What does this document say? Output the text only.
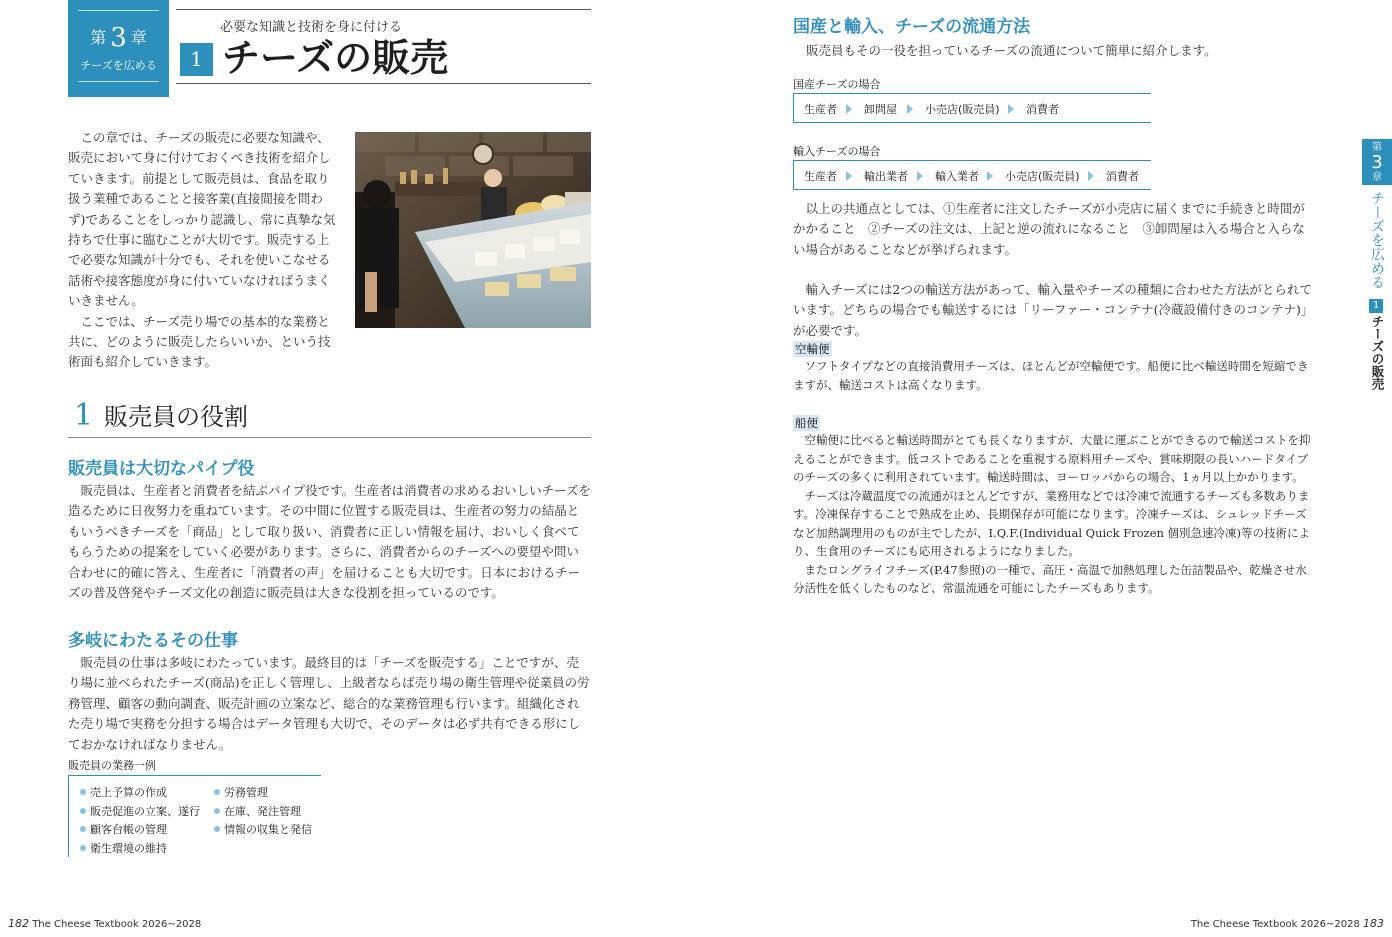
第 3 章
チーズを広める
必要な知識と技術を身に付ける
1 チーズの販売

この章では、チーズの販売に必要な知識や、販売において身に付けておくべき技術を紹介していきます。前提として販売員は、食品を取り扱う業種であることと接客業(直接間接を問わず)であることをしっかり認識し、常に真摯な気持ちで仕事に臨むことが大切です。販売する上で必要な知識が十分でも、それを使いこなせる話術や接客態度が身に付いていなければうまくいきません。

ここでは、チーズ売り場での基本的な業務と共に、どのように販売したらいいか、という技術面も紹介していきます。

1 販売員の役割
販売員は大切なパイプ役
販売員は、生産者と消費者を結ぶパイプ役です。生産者は消費者の求めるおいしいチーズを造るために日夜努力を重ねています。その中間に位置する販売員は、生産者の努力の結晶ともいうべきチーズを「商品」として取り扱い、消費者に正しい情報を届け、おいしく食べてもらうための提案をしていく必要があります。さらに、消費者からのチーズへの要望や問い合わせに的確に答え、生産者に「消費者の声」を届けることも大切です。日本におけるチーズの普及啓発やチーズ文化の創造に販売員は大きな役割を担っているのです。
多岐にわたるその仕事
販売員の仕事は多岐にわたっています。最終目的は「チーズを販売する」ことですが、売り場に並べられたチーズ(商品)を正しく管理し、上級者ならば売り場の衛生管理や従業員の労務管理、顧客の動向調査、販売計画の立案など、総合的な業務管理も行います。組織化された売り場で実務を分担する場合はデータ管理も大切で、そのデータは必ず共有できる形にしておかなければなりません。
販売員の業務一例
売上予算の作成
販売促進の立案、遂行
顧客台帳の管理
衛生環境の維持
労務管理
在庫、発注管理
情報の収集と発信
182 The Cheese Textbook 2026~2028
国産と輸入、チーズの流通方法
販売員もその一役を担っているチーズの流通について簡単に紹介します。
国産チーズの場合
生産者 卸問屋	小売店(販売員) 消費者
輸入チーズの場合
生産者 輸出業者 輸入業者 小売店(販売員) 消費者
以上の共通点としては、①生産者に注文したチーズが小売店に届くまでに手続きと時間がかかること　②チーズの注文は、上記と逆の流れになること　③卸問屋は入る場合と入らない場合があることなどが挙げられます。
輸入チーズには2つの輸送方法があって、輸入量やチーズの種類に合わせた方法がとられています。どちらの場合でも輸送するには「リーファー・コンテナ(冷蔵設備付きのコンテナ)」が必要です。
空輸便
ソフトタイプなどの直接消費用チーズは、ほとんどが空輸便です。船便に比べ輸送時間を短縮できますが、輸送コストは高くなります。
船便

空輸便に比べると輸送時間がとても長くなりますが、大量に運ぶことができるので輸送コストを抑えることができます。低コストであることを重視する原料用チーズや、賞味期限の長いハードタイプのチーズの多くに利用されています。輸送時間は、ヨーロッパからの場合、1ヵ月以上かかります。

チーズは冷蔵温度での流通がほとんどですが、業務用などでは冷凍で流通するチーズも多数あります。冷凍保存することで熟成を止め、長期保存が可能になります。冷凍チーズは、シュレッドチーズなど加熱調理用のものが主でしたが、I.Q.F.(Individual Quick Frozen 個別急速冷凍)等の技術により、生食用のチーズにも応用されるようになりました。

またロングライフチーズ(P.47参照)の一種で、高圧・高温で加熱処理した缶詰製品や、乾燥させ水分活性を低くしたものなど、常温流通を可能にしたチーズもあります。

第
3
章
チーズを広める
1
チーズの販売
The Cheese Textbook 2026~2028 183
